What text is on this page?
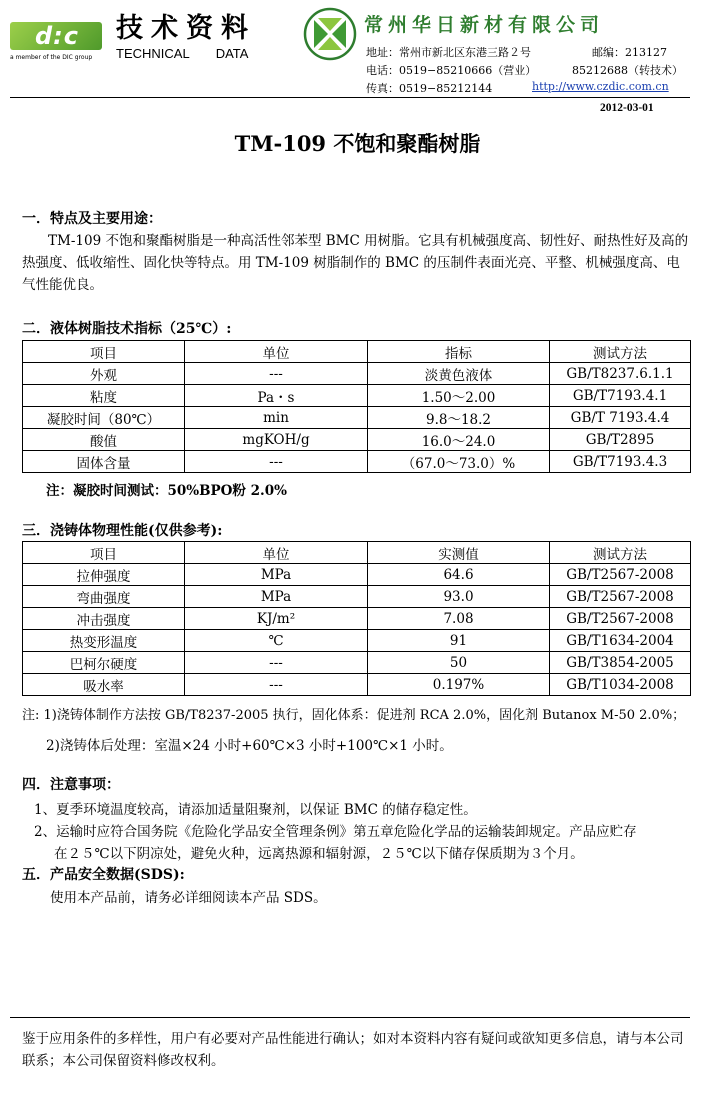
d:c
a member of the DIC group
技术资料
TECHNICAL DATA
常州华日新材有限公司
地址：常州市新北区东港三路２号	邮编：213127
电话：0519−85210666（营业）	85212688（转技术）
传真：0519−85212144	http://www.czdic.com.cn
2012-03-01
TM-109 不饱和聚酯树脂
一．特点及主要用途：
TM-109 不饱和聚酯树脂是一种高活性邻苯型 BMC 用树脂。它具有机械强度高、韧性好、耐热性好及高的热强度、低收缩性、固化快等特点。用 TM-109 树脂制作的 BMC 的压制件表面光亮、平整、机械强度高、电气性能优良。
二．液体树脂技术指标（25℃）:
项目	单位	指标	测试方法
外观	---	淡黄色液体	GB/T8237.6.1.1
粘度	Pa・s	1.50～2.00	GB/T7193.4.1
凝胶时间（80℃）	min	9.8～18.2	GB/T 7193.4.4
酸值	mgKOH/g	16.0～24.0	GB/T2895
固体含量	---	（67.0～73.0）%	GB/T7193.4.3
注：凝胶时间测试：50%BPO粉 2.0%
三．浇铸体物理性能(仅供参考):
项目	单位	实测值	测试方法
拉伸强度	MPa	64.6	GB/T2567-2008
弯曲强度	MPa	93.0	GB/T2567-2008
冲击强度	KJ/m²	7.08	GB/T2567-2008
热变形温度	℃	91	GB/T1634-2004
巴柯尔硬度	---	50	GB/T3854-2005
吸水率	---	0.197%	GB/T1034-2008
注: 1)浇铸体制作方法按 GB/T8237-2005 执行，固化体系：促进剂 RCA 2.0%，固化剂 Butanox M-50 2.0%；
2)浇铸体后处理：室温×24 小时+60℃×3 小时+100℃×1 小时。
四．注意事项：
1、夏季环境温度较高，请添加适量阻聚剂，以保证 BMC 的储存稳定性。
2、运输时应符合国务院《危险化学品安全管理条例》第五章危险化学品的运输装卸规定。产品应贮存
在２５℃以下阴凉处，避免火种，远离热源和辐射源，２５℃以下储存保质期为３个月。
五．产品安全数据(SDS):
使用本产品前，请务必详细阅读本产品 SDS。
鉴于应用条件的多样性，用户有必要对产品性能进行确认；如对本资料内容有疑问或欲知更多信息，请与本公司联系；本公司保留资料修改权利。
